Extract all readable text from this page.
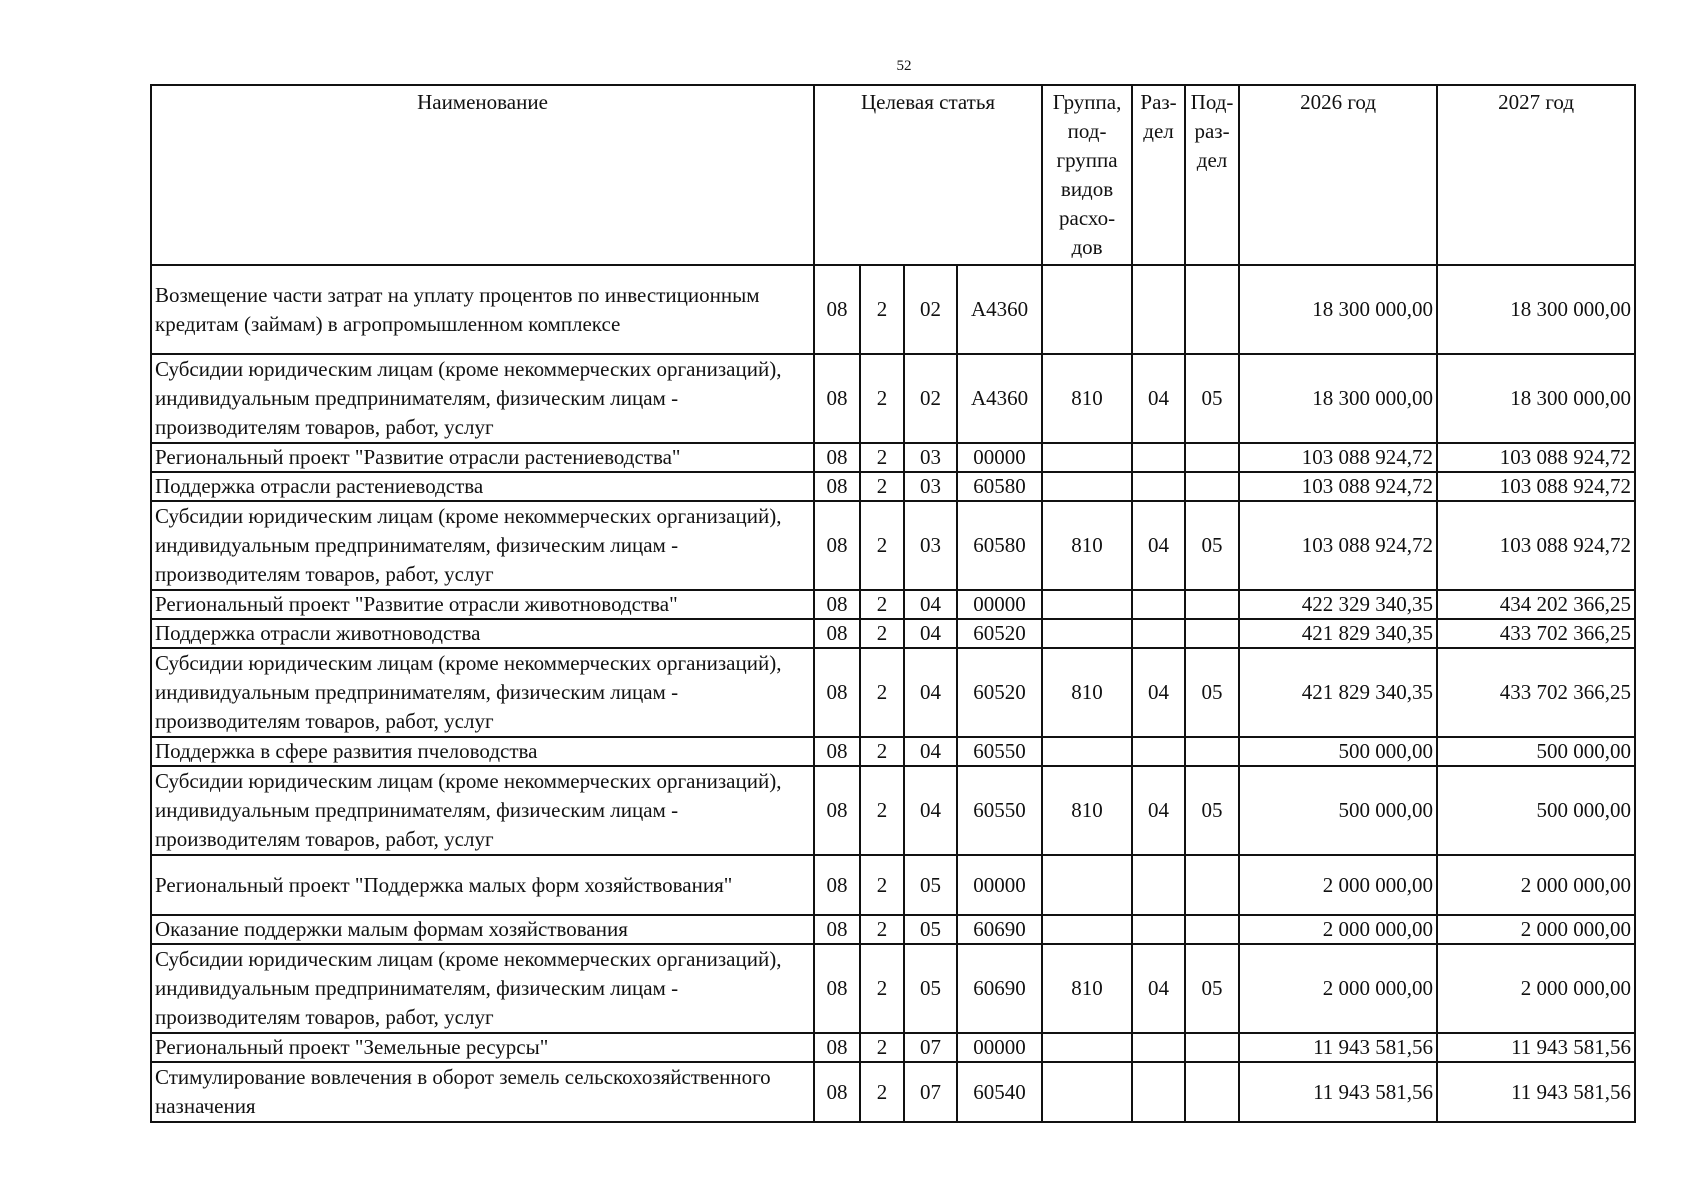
52
Наименование	Целевая статья				Группа, под-группа видов расхо-дов	Раз-дел	Под-раз-дел	2026 год	2027 год
Возмещение части затрат на уплату процентов по инвестиционным кредитам (займам) в агропромышленном комплексе	08	2	02	А4360				18 300 000,00	18 300 000,00
Субсидии юридическим лицам (кроме некоммерческих организаций), индивидуальным предпринимателям, физическим лицам - производителям товаров, работ, услуг	08	2	02	А4360	810	04	05	18 300 000,00	18 300 000,00
Региональный проект "Развитие отрасли растениеводства"	08	2	03	00000				103 088 924,72	103 088 924,72
Поддержка отрасли растениеводства	08	2	03	60580				103 088 924,72	103 088 924,72
Субсидии юридическим лицам (кроме некоммерческих организаций), индивидуальным предпринимателям, физическим лицам - производителям товаров, работ, услуг	08	2	03	60580	810	04	05	103 088 924,72	103 088 924,72
Региональный проект "Развитие отрасли животноводства"	08	2	04	00000				422 329 340,35	434 202 366,25
Поддержка отрасли животноводства	08	2	04	60520				421 829 340,35	433 702 366,25
Субсидии юридическим лицам (кроме некоммерческих организаций), индивидуальным предпринимателям, физическим лицам - производителям товаров, работ, услуг	08	2	04	60520	810	04	05	421 829 340,35	433 702 366,25
Поддержка в сфере развития пчеловодства	08	2	04	60550				500 000,00	500 000,00
Субсидии юридическим лицам (кроме некоммерческих организаций), индивидуальным предпринимателям, физическим лицам - производителям товаров, работ, услуг	08	2	04	60550	810	04	05	500 000,00	500 000,00
Региональный проект "Поддержка малых форм хозяйствования"	08	2	05	00000				2 000 000,00	2 000 000,00
Оказание поддержки малым формам хозяйствования	08	2	05	60690				2 000 000,00	2 000 000,00
Субсидии юридическим лицам (кроме некоммерческих организаций), индивидуальным предпринимателям, физическим лицам - производителям товаров, работ, услуг	08	2	05	60690	810	04	05	2 000 000,00	2 000 000,00
Региональный проект "Земельные ресурсы"	08	2	07	00000				11 943 581,56	11 943 581,56
Стимулирование вовлечения в оборот земель сельскохозяйственного назначения	08	2	07	60540				11 943 581,56	11 943 581,56
